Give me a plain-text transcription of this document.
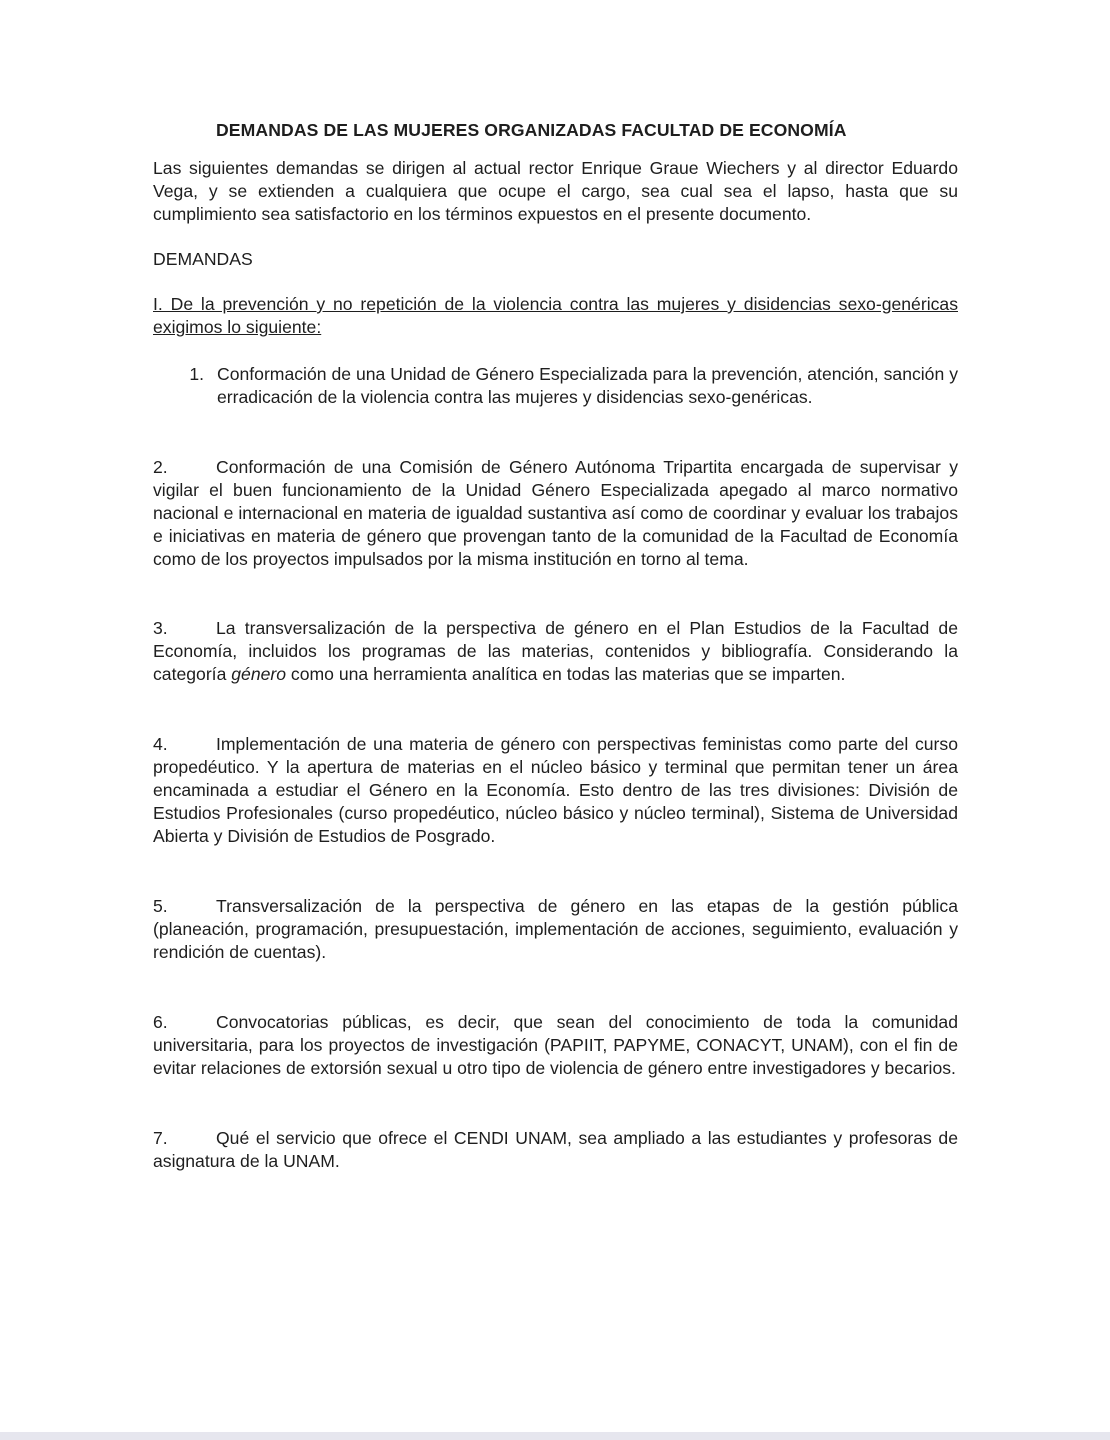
DEMANDAS DE LAS MUJERES ORGANIZADAS FACULTAD DE ECONOMÍA

Las siguientes demandas se dirigen al actual rector Enrique Graue Wiechers y al director Eduardo Vega, y se extienden a cualquiera que ocupe el cargo, sea cual sea el lapso, hasta que su cumplimiento sea satisfactorio en los términos expuestos en el presente documento.

DEMANDAS

I. De la prevención y no repetición de la violencia contra las mujeres y disidencias sexo-genéricas exigimos lo siguiente:

1. Conformación de una Unidad de Género Especializada para la prevención, atención, sanción y erradicación de la violencia contra las mujeres y disidencias sexo-genéricas.

2.	Conformación de una Comisión de Género Autónoma Tripartita encargada de supervisar y vigilar el buen funcionamiento de la Unidad Género Especializada apegado al marco normativo nacional e internacional en materia de igualdad sustantiva así como de coordinar y evaluar los trabajos e iniciativas en materia de género que provengan tanto de la comunidad de la Facultad de Economía como de los proyectos impulsados por la misma institución en torno al tema.

3.	La transversalización de la perspectiva de género en el Plan Estudios de la Facultad de Economía, incluidos los programas de las materias, contenidos y bibliografía. Considerando la categoría género como una herramienta analítica en todas las materias que se imparten.

4.	Implementación de una materia de género con perspectivas feministas como parte del curso propedéutico. Y la apertura de materias en el núcleo básico y terminal que permitan tener un área encaminada a estudiar el Género en la Economía. Esto dentro de las tres divisiones: División de Estudios Profesionales (curso propedéutico, núcleo básico y núcleo terminal), Sistema de Universidad Abierta y División de Estudios de Posgrado.

5.	Transversalización de la perspectiva de género en las etapas de la gestión pública (planeación, programación, presupuestación, implementación de acciones, seguimiento, evaluación y rendición de cuentas).

6.	Convocatorias públicas, es decir, que sean del conocimiento de toda la comunidad universitaria, para los proyectos de investigación (PAPIIT, PAPYME, CONACYT, UNAM), con el fin de evitar relaciones de extorsión sexual u otro tipo de violencia de género entre investigadores y becarios.

7.	Qué el servicio que ofrece el CENDI UNAM, sea ampliado a las estudiantes y profesoras de asignatura de la UNAM.
